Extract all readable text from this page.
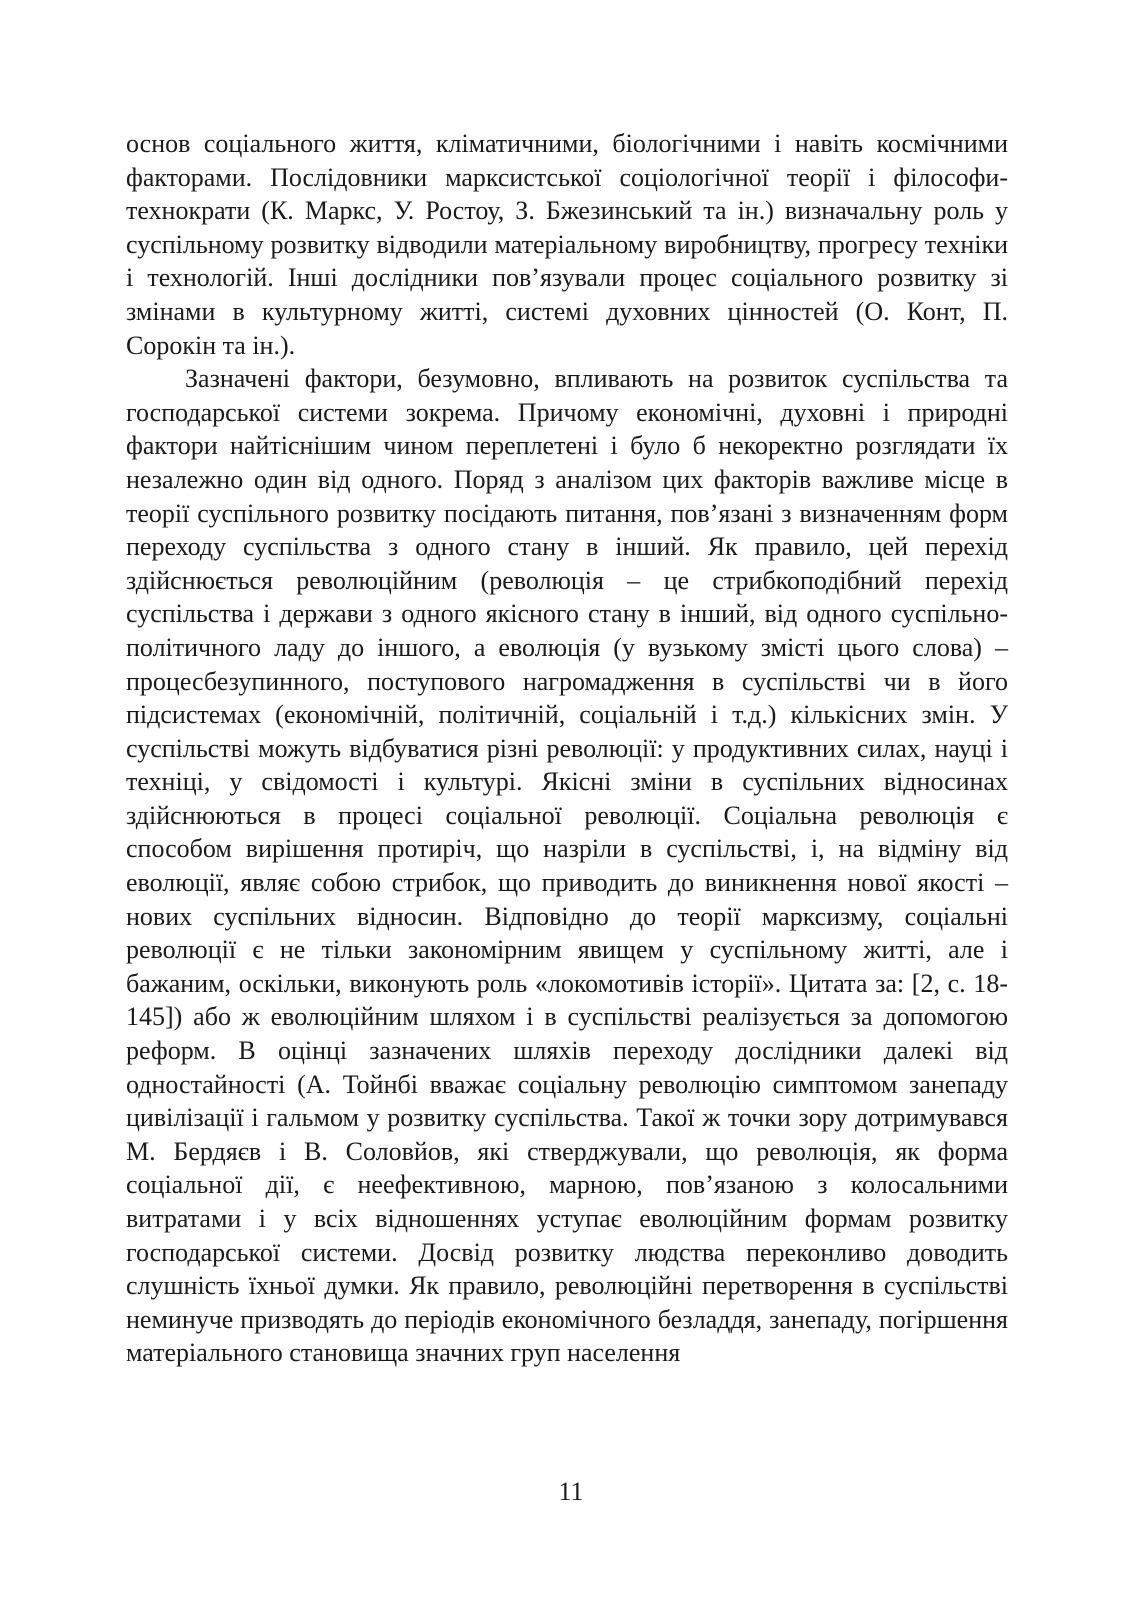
основ соціального життя, кліматичними, біологічними і навіть космічними факторами. Послідовники марксистської соціологічної теорії і філософи-технократи (К. Маркс, У. Ростоу, З. Бжезинський та ін.) визначальну роль у суспільному розвитку відводили матеріальному виробництву, прогресу техніки і технологій. Інші дослідники пов’язували процес соціального розвитку зі змінами в культурному житті, системі духовних цінностей (О. Конт, П. Сорокін та ін.).

Зазначені фактори, безумовно, впливають на розвиток суспільства та господарської системи зокрема. Причому економічні, духовні і природні фактори найтіснішим чином переплетені і було б некоректно розглядати їх незалежно один від одного. Поряд з аналізом цих факторів важливе місце в теорії суспільного розвитку посідають питання, пов’язані з визначенням форм переходу суспільства з одного стану в інший. Як правило, цей перехід здійснюється революційним (революція – це стрибкоподібний перехід суспільства і держави з одного якісного стану в інший, від одного суспільно-політичного ладу до іншого, а еволюція (у вузькому змісті цього слова) – процесбезупинного, поступового нагромадження в суспільстві чи в його підсистемах (економічній, політичній, соціальній і т.д.) кількісних змін. У суспільстві можуть відбуватися різні революції: у продуктивних силах, науці і техніці, у свідомості і культурі. Якісні зміни в суспільних відносинах здійснюються в процесі соціальної революції. Соціальна революція є способом вирішення протиріч, що назріли в суспільстві, і, на відміну від еволюції, являє собою стрибок, що приводить до виникнення нової якості – нових суспільних відносин. Відповідно до теорії марксизму, соціальні революції є не тільки закономірним явищем у суспільному житті, але і бажаним, оскільки, виконують роль «локомотивів історії». Цитата за: [2, с. 18-145]) або ж еволюційним шляхом і в суспільстві реалізується за допомогою реформ. В оцінці зазначених шляхів переходу дослідники далекі від одностайності (А. Тойнбі вважає соціальну революцію симптомом занепаду цивілізації і гальмом у розвитку суспільства. Такої ж точки зору дотримувався М. Бердяєв і В. Соловйов, які стверджували, що революція, як форма соціальної дії, є неефективною, марною, пов’язаною з колосальними витратами і у всіх відношеннях уступає еволюційним формам розвитку господарської системи. Досвід розвитку людства переконливо доводить слушність їхньої думки. Як правило, революційні перетворення в суспільстві неминуче призводять до періодів економічного безладдя, занепаду, погіршення матеріального становища значних груп населення

11
